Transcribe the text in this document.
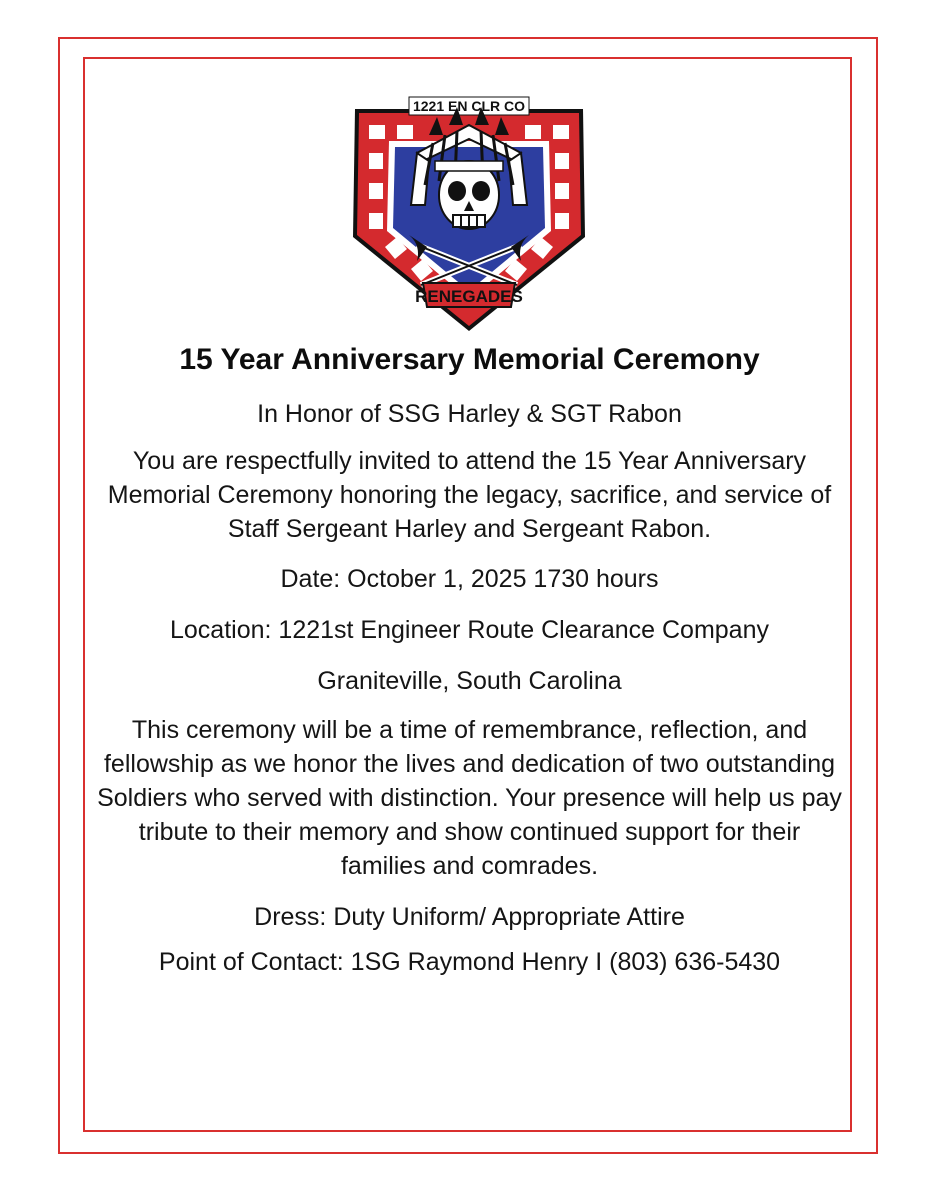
1221 EN CLR CO
RENEGADES
15 Year Anniversary Memorial Ceremony

In Honor of SSG Harley & SGT Rabon

You are respectfully invited to attend the 15 Year Anniversary Memorial Ceremony honoring the legacy, sacrifice, and service of Staff Sergeant Harley and Sergeant Rabon.

Date: October 1, 2025 1730 hours

Location: 1221st Engineer Route Clearance Company

Graniteville, South Carolina

This ceremony will be a time of remembrance, reflection, and fellowship as we honor the lives and dedication of two outstanding Soldiers who served with distinction. Your presence will help us pay tribute to their memory and show continued support for their families and comrades.

Dress: Duty Uniform/ Appropriate Attire

Point of Contact: 1SG Raymond Henry I (803) 636-5430
